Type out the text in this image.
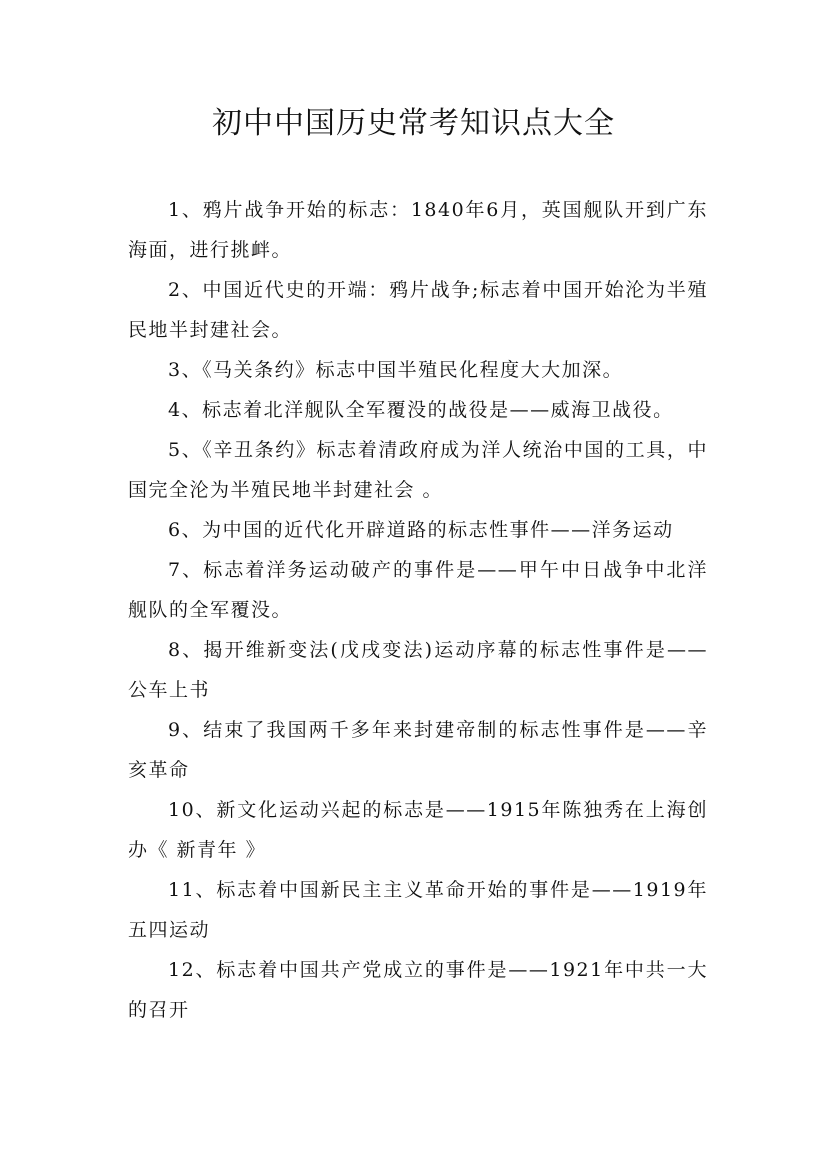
初中中国历史常考知识点大全

1、鸦片战争开始的标志：1840年6月，英国舰队开到广东海面，进行挑衅。

2、中国近代史的开端：鸦片战争;标志着中国开始沦为半殖民地半封建社会。

3、《马关条约》标志中国半殖民化程度大大加深。

4、标志着北洋舰队全军覆没的战役是——威海卫战役。

5、《辛丑条约》标志着清政府成为洋人统治中国的工具，中国完全沦为半殖民地半封建社会 。

6、为中国的近代化开辟道路的标志性事件——洋务运动

7、标志着洋务运动破产的事件是——甲午中日战争中北洋舰队的全军覆没。

8、揭开维新变法(戊戌变法)运动序幕的标志性事件是——公车上书

9、结束了我国两千多年来封建帝制的标志性事件是——辛亥革命

10、新文化运动兴起的标志是——1915年陈独秀在上海创办《 新青年 》

11、标志着中国新民主主义革命开始的事件是——1919年五四运动

12、标志着中国共产党成立的事件是——1921年中共一大的召开
